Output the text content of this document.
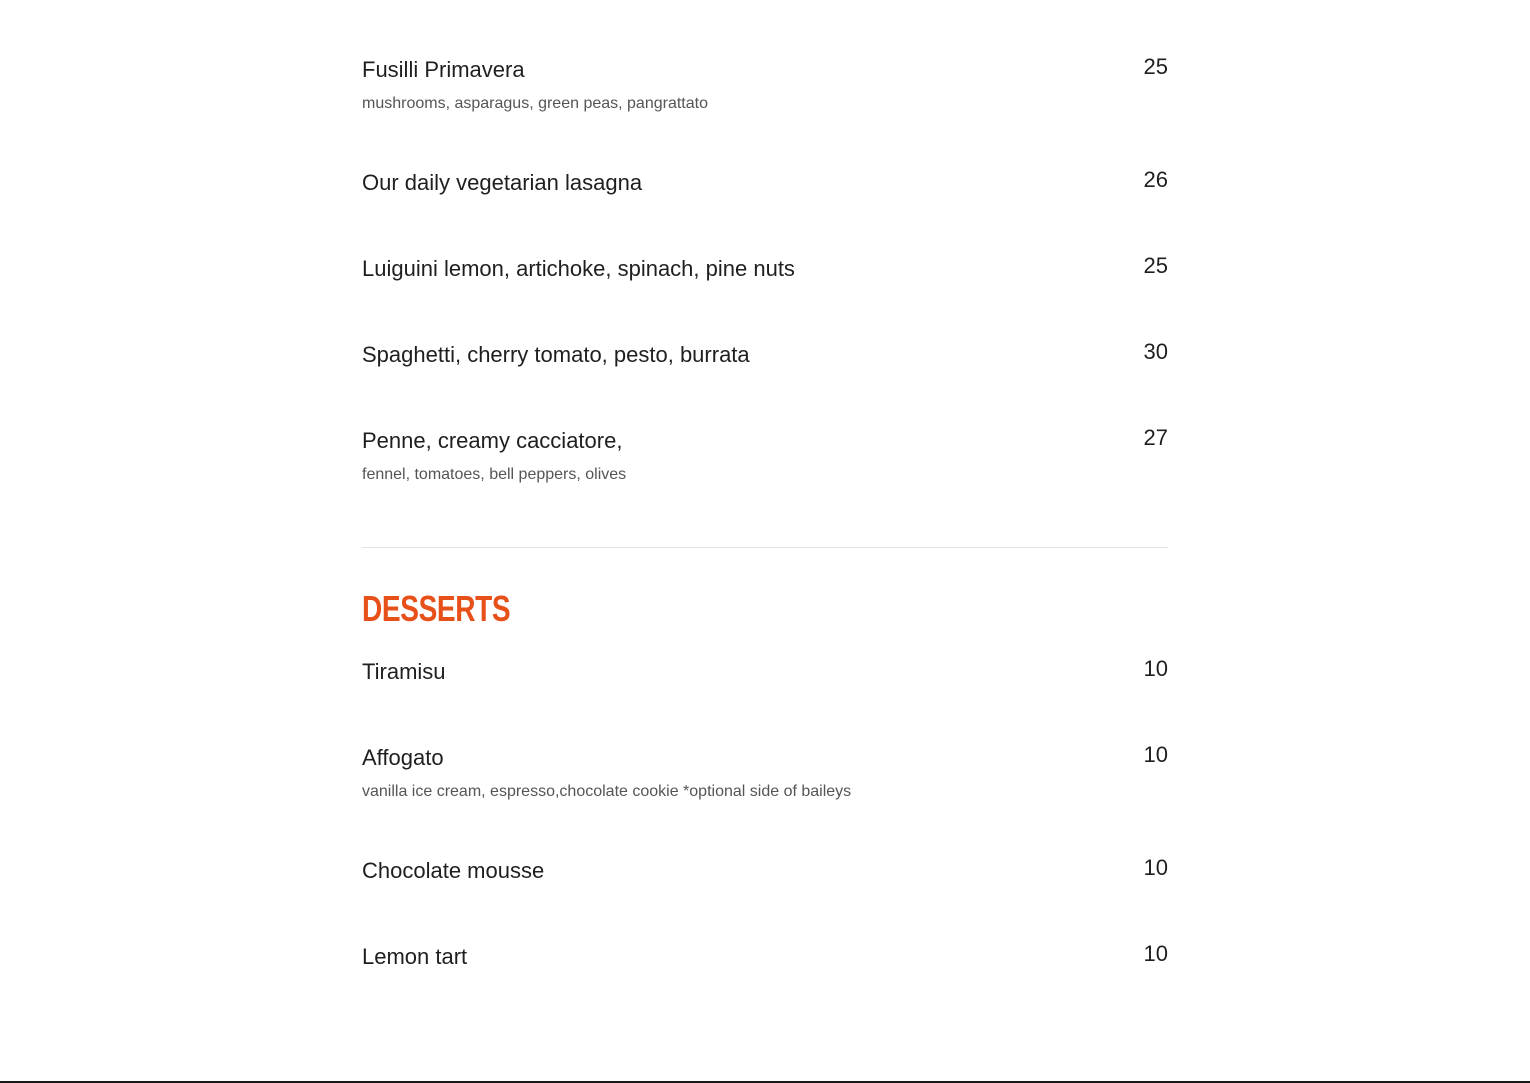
Fusilli Primavera	25
mushrooms, asparagus, green peas, pangrattato
Our daily vegetarian lasagna	26
Luiguini lemon, artichoke, spinach, pine nuts	25
Spaghetti, cherry tomato, pesto, burrata	30
Penne, creamy cacciatore,	27
fennel, tomatoes, bell peppers, olives
DESSERTS
Tiramisu	10
Affogato	10
vanilla ice cream, espresso,chocolate cookie *optional side of baileys
Chocolate mousse	10
Lemon tart	10
